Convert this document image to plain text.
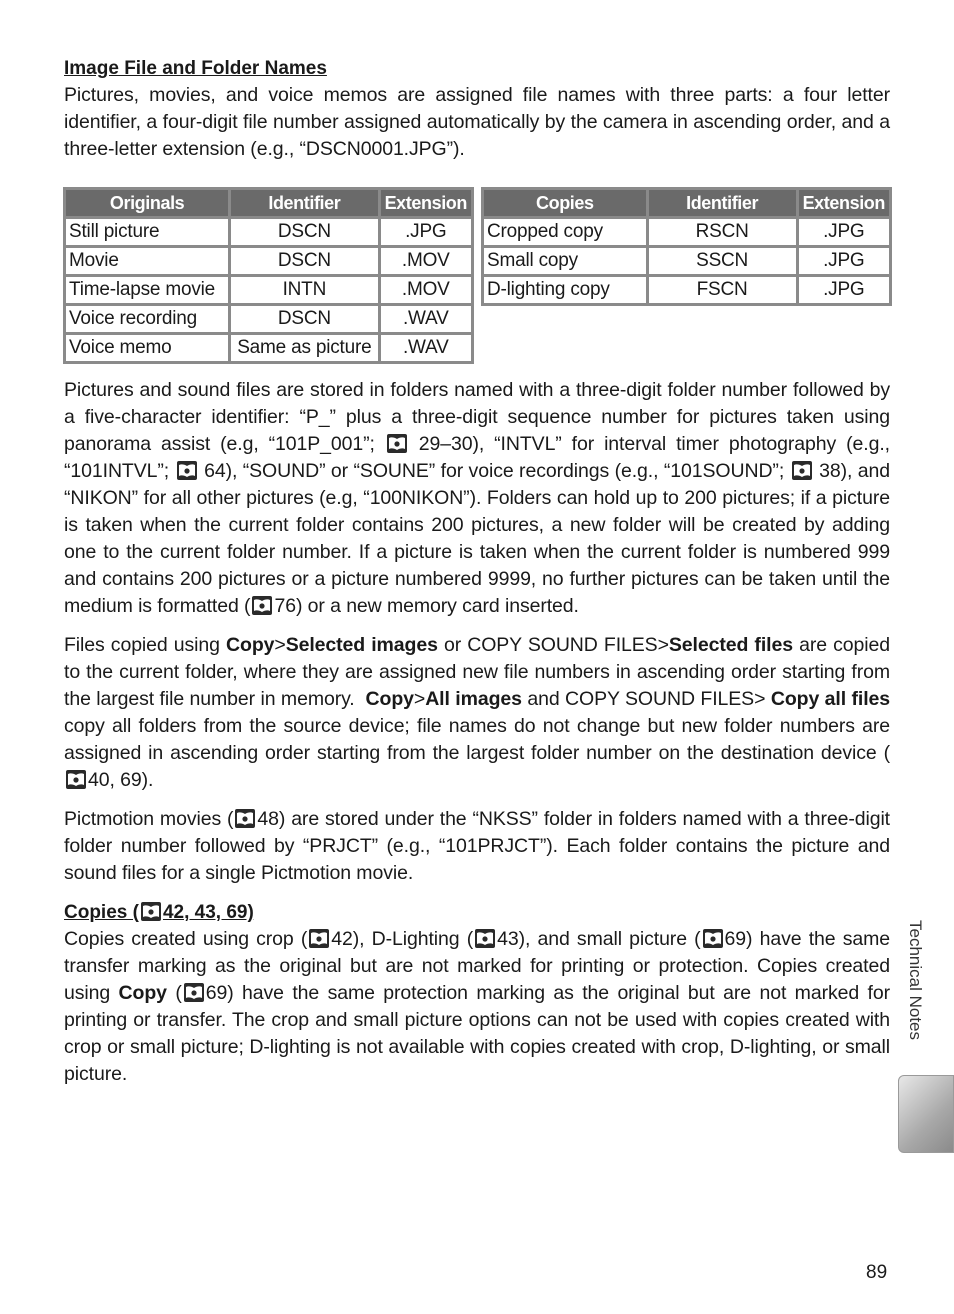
Image File and Folder Names

Pictures, movies, and voice memos are assigned file names with three parts: a four letter identifier, a four-digit file number assigned automatically by the camera in ascending order, and a three-letter extension (e.g., “DSCN0001.JPG”).

Originals	Identifier	Extension
Still picture	DSCN	.JPG
Movie	DSCN	.MOV
Time-lapse movie	INTN	.MOV
Voice recording	DSCN	.WAV
Voice memo	Same as picture	.WAV
Copies	Identifier	Extension
Cropped copy	RSCN	.JPG
Small copy	SSCN	.JPG
D-lighting copy	FSCN	.JPG

Pictures and sound files are stored in folders named with a three-digit folder number followed by a five-character identifier: “P_” plus a three-digit sequence number for pictures taken using panorama assist (e.g, “101P_001”; 29–30), “INTVL” for interval timer photography (e.g., “101INTVL”; 64), “SOUND” or “SOUNE” for voice recordings (e.g., “101SOUND”; 38), and “NIKON” for all other pictures (e.g, “100NIKON”). Folders can hold up to 200 pictures; if a picture is taken when the current folder contains 200 pictures, a new folder will be created by adding one to the current folder number. If a picture is taken when the current folder is numbered 999 and contains 200 pictures or a picture numbered 9999, no further pictures can be taken until the medium is formatted ( 76) or a new memory card inserted.

Files copied using Copy>Selected images or COPY SOUND FILES>Selected files are copied to the current folder, where they are assigned new file numbers in ascending order starting from the largest file number in memory. Copy>All images and COPY SOUND FILES> Copy all files copy all folders from the source device; file names do not change but new folder numbers are assigned in ascending order starting from the largest folder number on the destination device (40, 69).

Pictmotion movies ( 48) are stored under the “NKSS” folder in folders named with a three-digit folder number followed by “PRJCT” (e.g., “101PRJCT”). Each folder contains the picture and sound files for a single Pictmotion movie.

Copies ( 42, 43, 69)

Copies created using crop ( 42), D-Lighting ( 43), and small picture ( 69) have the same transfer marking as the original but are not marked for printing or protection. Copies created using Copy ( 69) have the same protection marking as the original but are not marked for printing or transfer. The crop and small picture options can not be used with copies created with crop or small picture; D-lighting is not available with copies created with crop, D-lighting, or small picture.

Technical Notes
89
